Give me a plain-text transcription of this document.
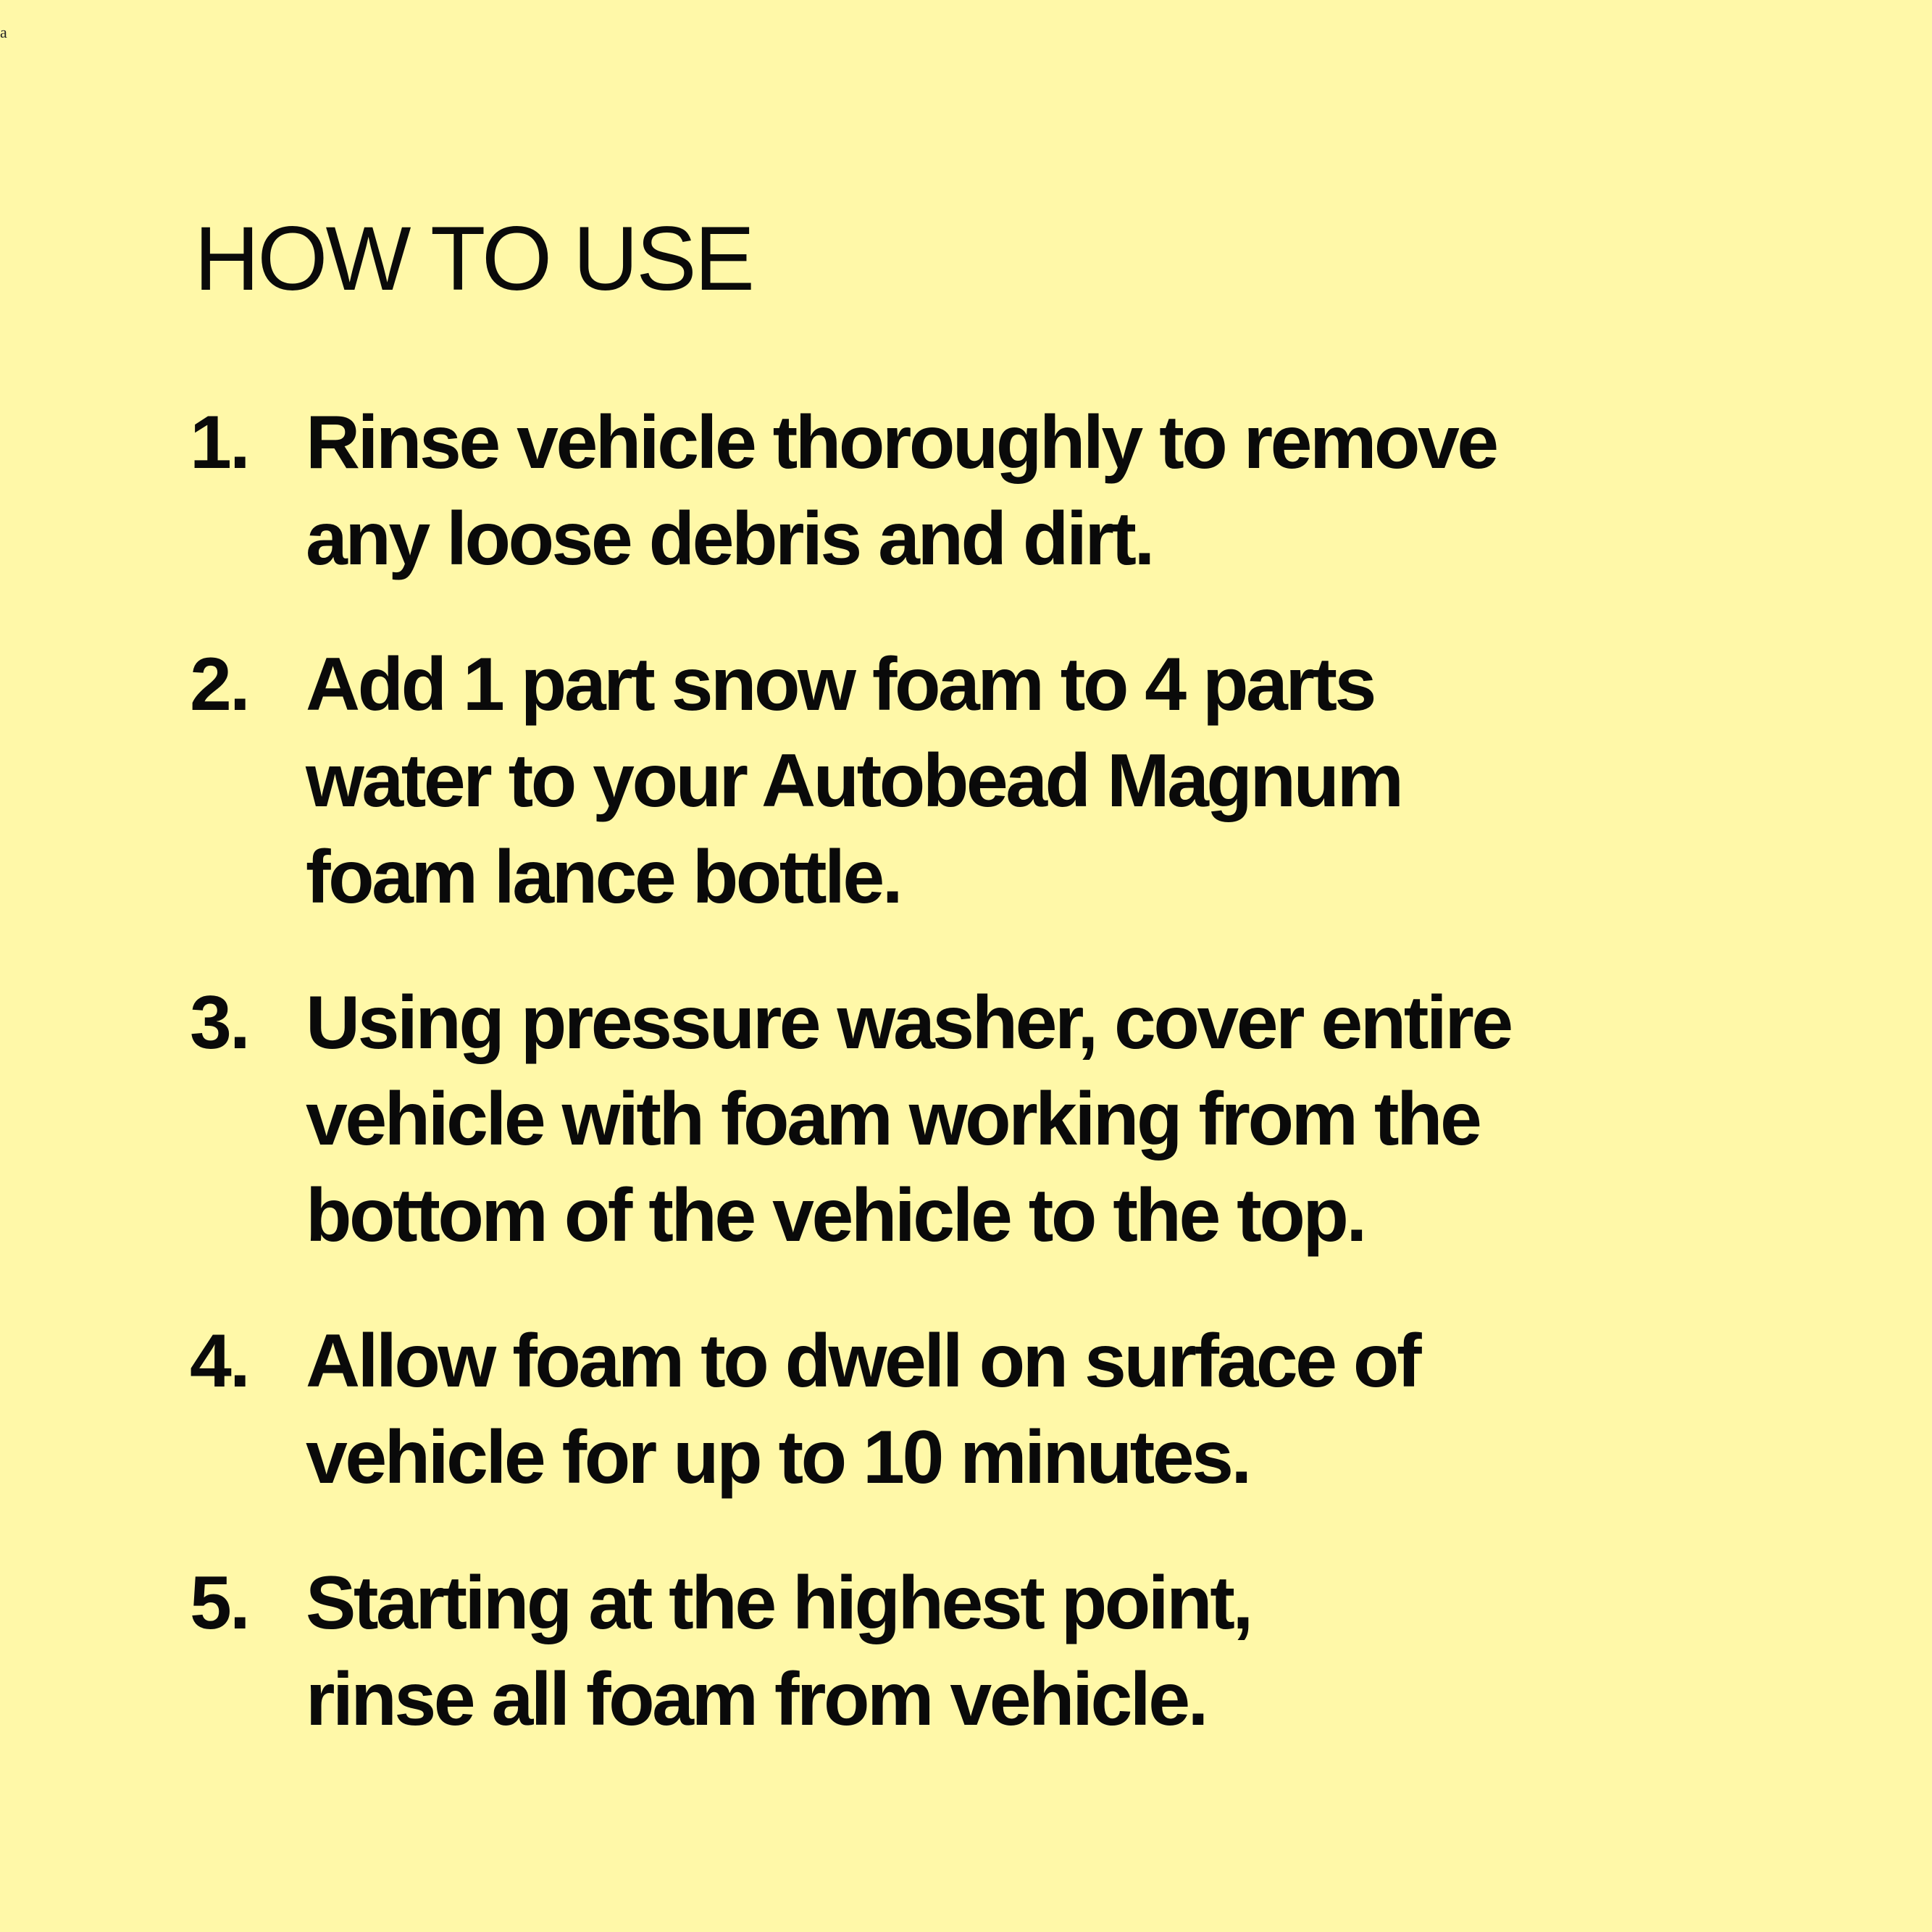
a
HOW TO USE
1. Rinse vehicle thoroughly to remove
any loose debris and dirt.
2. Add 1 part snow foam to 4 parts
water to your Autobead Magnum
foam lance bottle.
3. Using pressure washer, cover entire
vehicle with foam working from the
bottom of the vehicle to the top.
4. Allow foam to dwell on surface of
vehicle for up to 10 minutes.
5. Starting at the highest point,
rinse all foam from vehicle.
